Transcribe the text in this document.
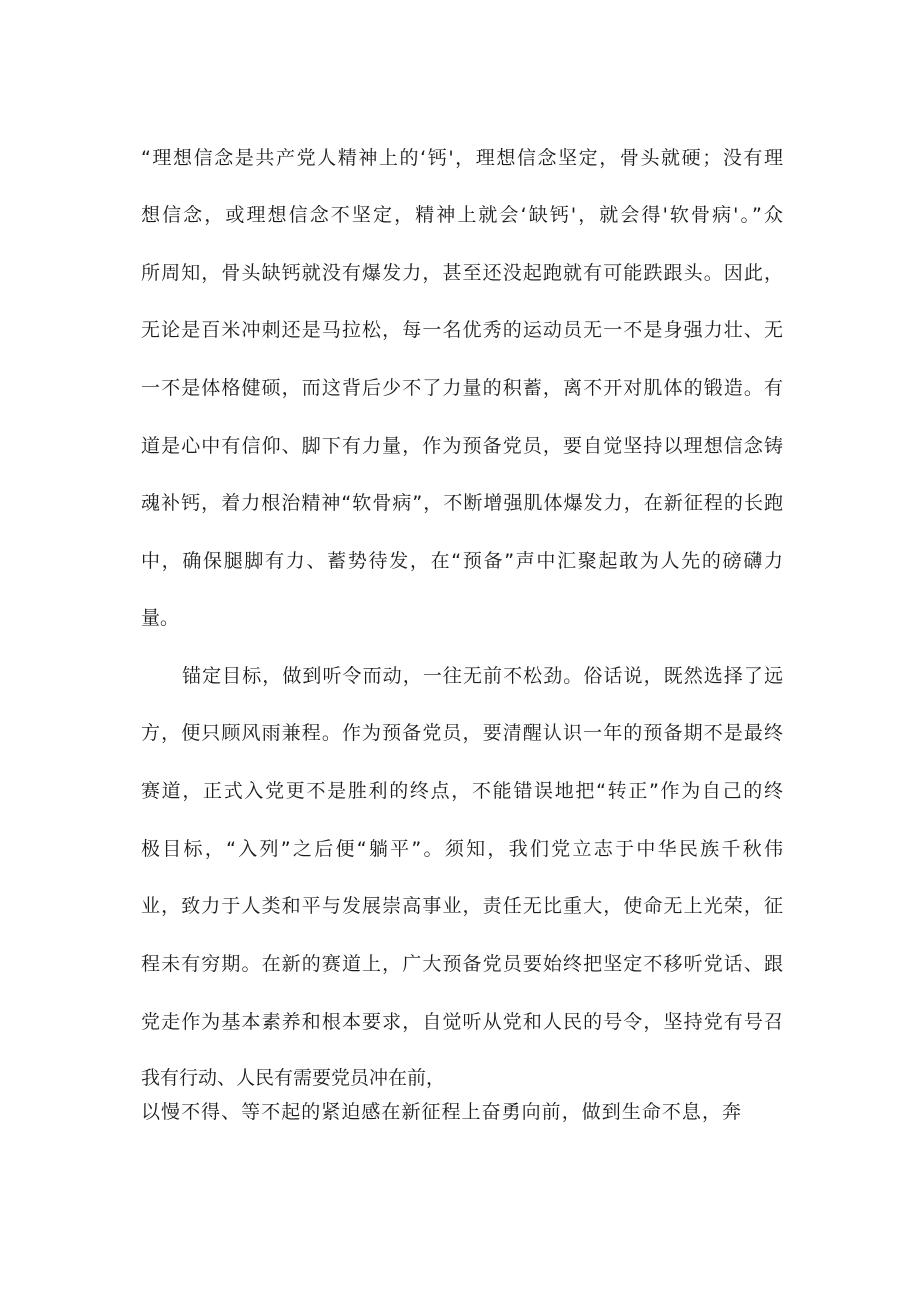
“理想信念是共产党人精神上的‘钙'，理想信念坚定，骨头就硬；没有理
想信念，或理想信念不坚定，精神上就会‘缺钙'，就会得'软骨病'。”众
所周知，骨头缺钙就没有爆发力，甚至还没起跑就有可能跌跟头。因此，
无论是百米冲刺还是马拉松，每一名优秀的运动员无一不是身强力壮、无
一不是体格健硕，而这背后少不了力量的积蓄，离不开对肌体的锻造。有
道是心中有信仰、脚下有力量，作为预备党员，要自觉坚持以理想信念铸
魂补钙，着力根治精神“软骨病”，不断增强肌体爆发力，在新征程的长跑
中，确保腿脚有力、蓄势待发，在“预备”声中汇聚起敢为人先的磅礴力
量。
锚定目标，做到听令而动，一往无前不松劲。俗话说，既然选择了远
方，便只顾风雨兼程。作为预备党员，要清醒认识一年的预备期不是最终
赛道，正式入党更不是胜利的终点，不能错误地把“转正”作为自己的终
极目标，“入列”之后便“躺平”。须知，我们党立志于中华民族千秋伟
业，致力于人类和平与发展崇高事业，责任无比重大，使命无上光荣，征
程未有穷期。在新的赛道上，广大预备党员要始终把坚定不移听党话、跟
党走作为基本素养和根本要求，自觉听从党和人民的号令，坚持党有号召
我有行动、人民有需要党员冲在前，
以慢不得、等不起的紧迫感在新征程上奋勇向前，做到生命不息，奔
